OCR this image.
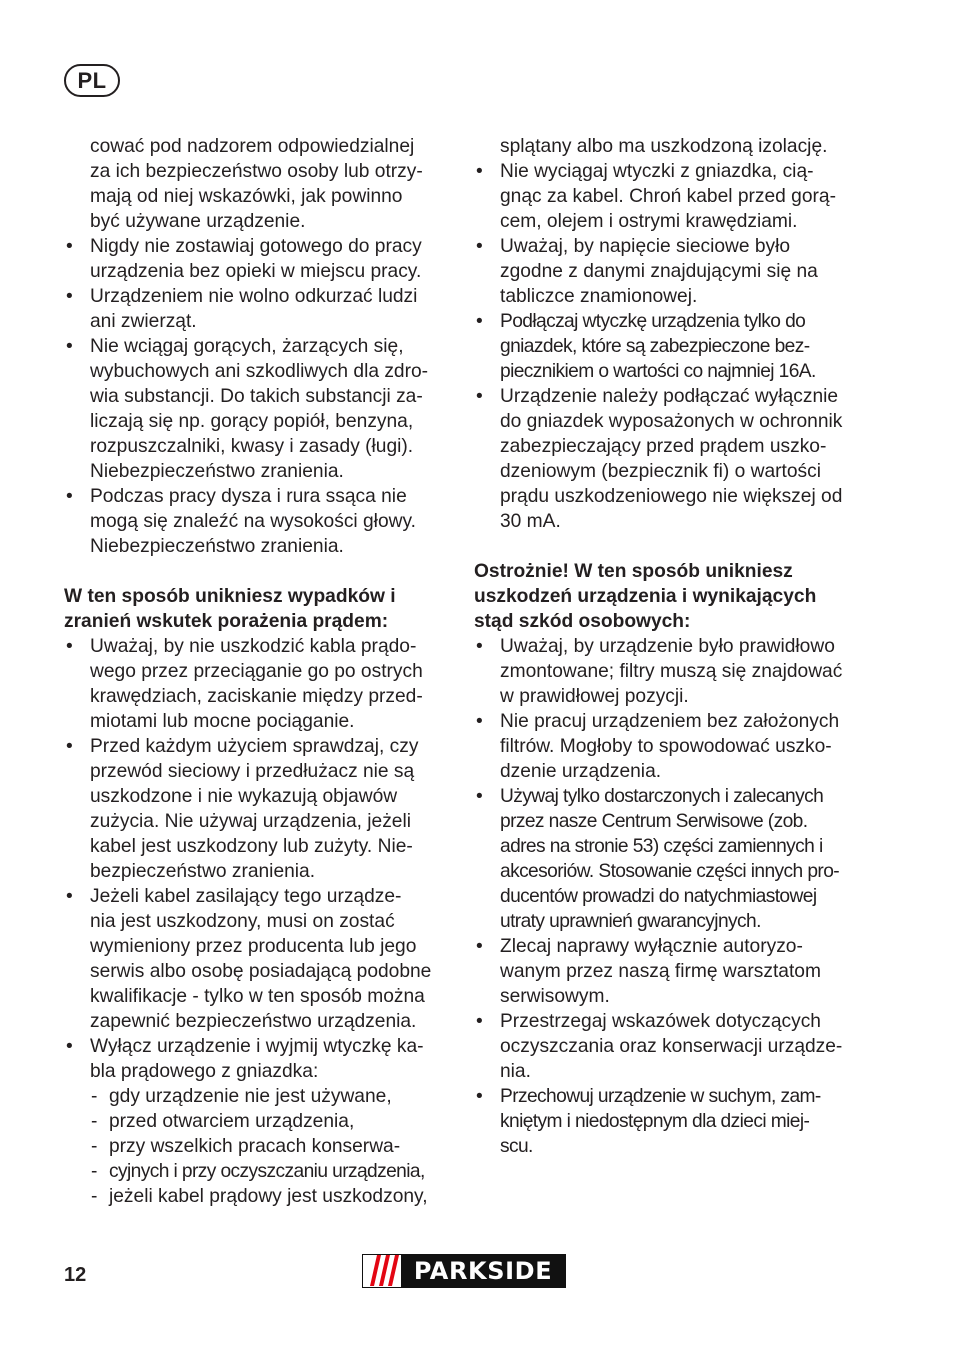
PL
cować pod nadzorem odpowiedzialnej
za ich bezpieczeństwo osoby lub otrzy-
mają od niej wskazówki, jak powinno
być używane urządzenie.
• Nigdy nie zostawiaj gotowego do pracy
urządzenia bez opieki w miejscu pracy.
• Urządzeniem nie wolno odkurzać ludzi
ani zwierząt.
• Nie wciągaj gorących, żarzących się,
wybuchowych ani szkodliwych dla zdro-
wia substancji. Do takich substancji za-
liczają się np. gorący popiół, benzyna,
rozpuszczalniki, kwasy i zasady (ługi).
Niebezpieczeństwo zranienia.
• Podczas pracy dysza i rura ssąca nie
mogą się znaleźć na wysokości głowy.
Niebezpieczeństwo zranienia.
W ten sposób unikniesz wypadków i
zranień wskutek porażenia prądem:
• Uważaj, by nie uszkodzić kabla prądo-
wego przez przeciąganie go po ostrych
krawędziach, zaciskanie między przed-
miotami lub mocne pociąganie.
• Przed każdym użyciem sprawdzaj, czy
przewód sieciowy i przedłużacz nie są
uszkodzone i nie wykazują objawów
zużycia. Nie używaj urządzenia, jeżeli
kabel jest uszkodzony lub zużyty. Nie-
bezpieczeństwo zranienia.
• Jeżeli kabel zasilający tego urządze-
nia jest uszkodzony, musi on zostać
wymieniony przez producenta lub jego
serwis albo osobę posiadającą podobne
kwalifikacje - tylko w ten sposób można
zapewnić bezpieczeństwo urządzenia.
• Wyłącz urządzenie i wyjmij wtyczkę ka-
bla prądowego z gniazdka:
- gdy urządzenie nie jest używane,
- przed otwarciem urządzenia,
- przy wszelkich pracach konserwa-
- cyjnych i przy oczyszczaniu urządzenia,
- jeżeli kabel prądowy jest uszkodzony,
splątany albo ma uszkodzoną izolację.
• Nie wyciągaj wtyczki z gniazdka, cią-
gnąc za kabel. Chroń kabel przed gorą-
cem, olejem i ostrymi krawędziami.
• Uważaj, by napięcie sieciowe było
zgodne z danymi znajdującymi się na
tabliczce znamionowej.
• Podłączaj wtyczkę urządzenia tylko do
gniazdek, które są zabezpieczone bez-
piecznikiem o wartości co najmniej 16A.
• Urządzenie należy podłączać wyłącznie
do gniazdek wyposażonych w ochronnik
zabezpieczający przed prądem uszko-
dzeniowym (bezpiecznik fi) o wartości
prądu uszkodzeniowego nie większej od
30 mA.
Ostrożnie! W ten sposób unikniesz
uszkodzeń urządzenia i wynikających
stąd szkód osobowych:
• Uważaj, by urządzenie było prawidłowo
zmontowane; filtry muszą się znajdować
w prawidłowej pozycji.
• Nie pracuj urządzeniem bez założonych
filtrów. Mogłoby to spowodować uszko-
dzenie urządzenia.
• Używaj tylko dostarczonych i zalecanych
przez nasze Centrum Serwisowe (zob.
adres na stronie 53) części zamiennych i
akcesoriów. Stosowanie części innych pro-
ducentów prowadzi do natychmiastowej
utraty uprawnień gwarancyjnych.
• Zlecaj naprawy wyłącznie autoryzo-
wanym przez naszą firmę warsztatom
serwisowym.
• Przestrzegaj wskazówek dotyczących
oczyszczania oraz konserwacji urządze-
nia.
• Przechowuj urządzenie w suchym, zam-
kniętym i niedostępnym dla dzieci miej-
scu.
12	PARKSIDE
